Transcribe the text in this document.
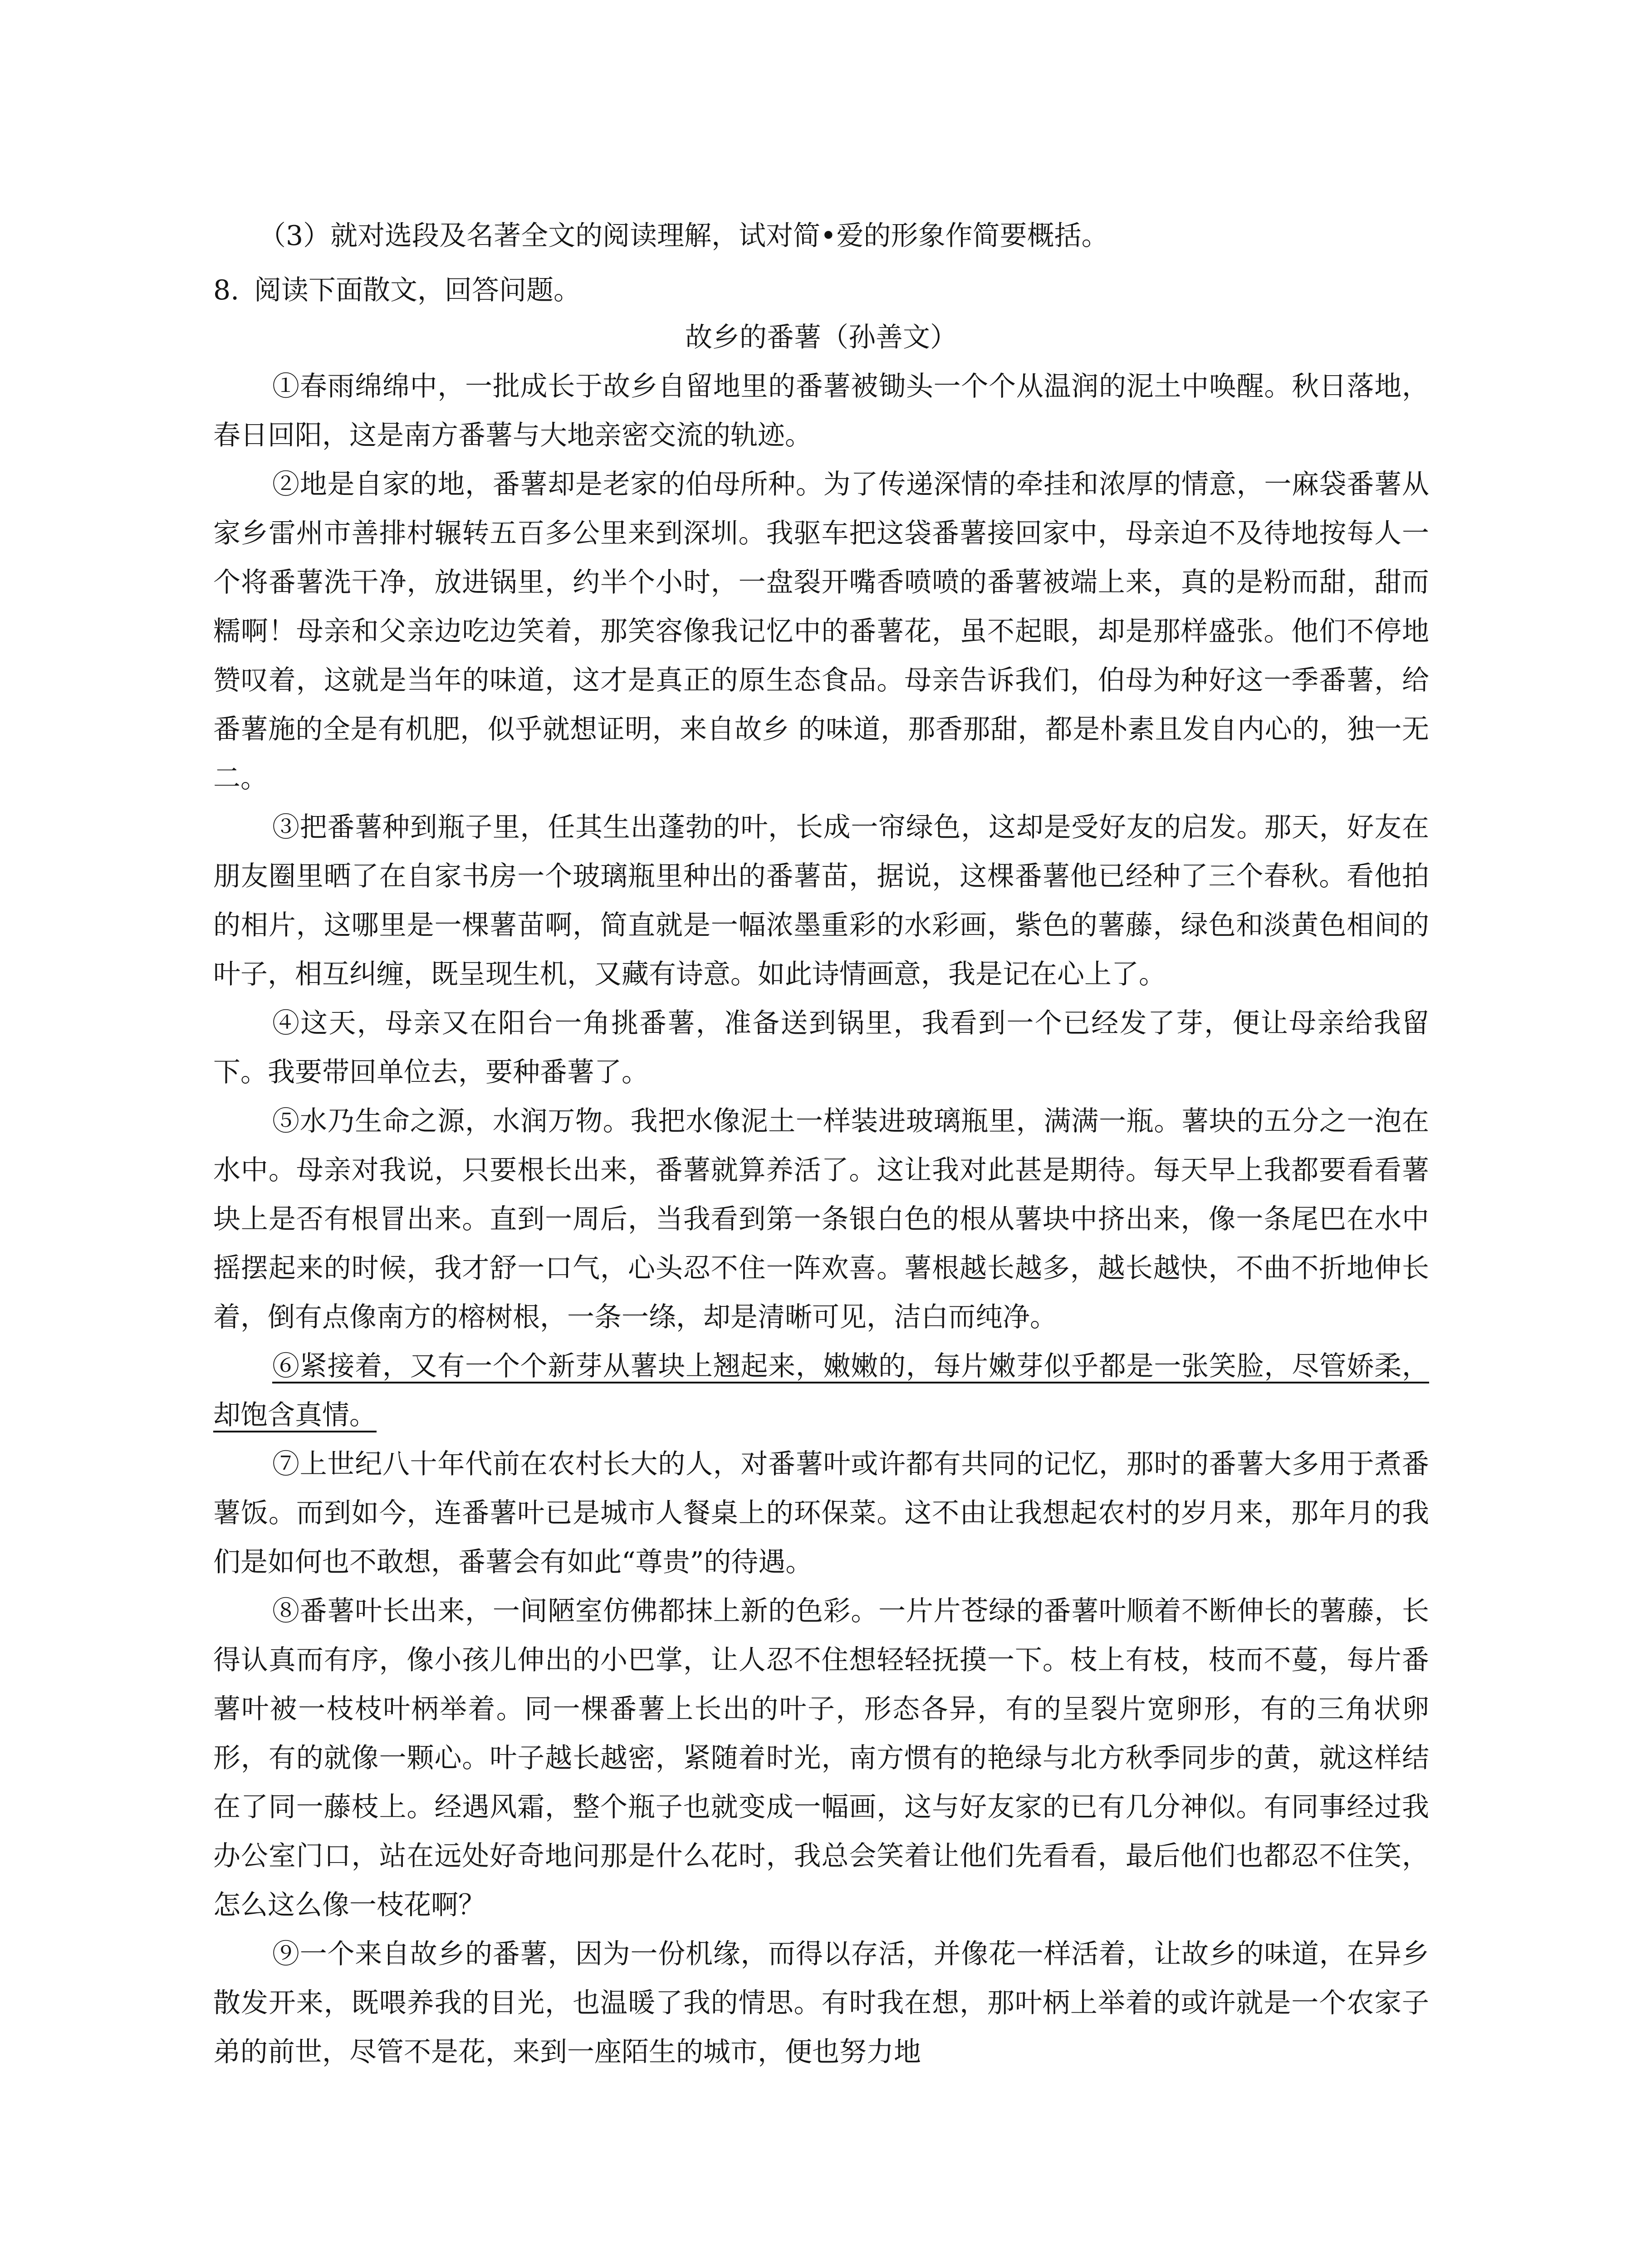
（3）就对选段及名著全文的阅读理解，试对简•爱的形象作简要概括。

8. 阅读下面散文，回答问题。

故乡的番薯（孙善文）

①春雨绵绵中，一批成长于故乡自留地里的番薯被锄头一个个从温润的泥土中唤醒。秋日落地，春日回阳，这是南方番薯与大地亲密交流的轨迹。

②地是自家的地，番薯却是老家的伯母所种。为了传递深情的牵挂和浓厚的情意，一麻袋番薯从家乡雷州市善排村辗转五百多公里来到深圳。我驱车把这袋番薯接回家中，母亲迫不及待地按每人一个将番薯洗干净，放进锅里，约半个小时，一盘裂开嘴香喷喷的番薯被端上来，真的是粉而甜，甜而糯啊！母亲和父亲边吃边笑着，那笑容像我记忆中的番薯花，虽不起眼，却是那样盛张。他们不停地赞叹着，这就是当年的味道，这才是真正的原生态食品。母亲告诉我们，伯母为种好这一季番薯，给番薯施的全是有机肥，似乎就想证明，来自故乡 的味道，那香那甜，都是朴素且发自内心的，独一无二。

③把番薯种到瓶子里，任其生出蓬勃的叶，长成一帘绿色，这却是受好友的启发。那天，好友在朋友圈里晒了在自家书房一个玻璃瓶里种出的番薯苗，据说，这棵番薯他已经种了三个春秋。看他拍的相片，这哪里是一棵薯苗啊，简直就是一幅浓墨重彩的水彩画，紫色的薯藤，绿色和淡黄色相间的叶子，相互纠缠，既呈现生机，又藏有诗意。如此诗情画意，我是记在心上了。

④这天，母亲又在阳台一角挑番薯，准备送到锅里，我看到一个已经发了芽，便让母亲给我留下。我要带回单位去，要种番薯了。

⑤水乃生命之源，水润万物。我把水像泥土一样装进玻璃瓶里，满满一瓶。薯块的五分之一泡在水中。母亲对我说，只要根长出来，番薯就算养活了。这让我对此甚是期待。每天早上我都要看看薯块上是否有根冒出来。直到一周后，当我看到第一条银白色的根从薯块中挤出来，像一条尾巴在水中摇摆起来的时候，我才舒一口气，心头忍不住一阵欢喜。薯根越长越多，越长越快，不曲不折地伸长着，倒有点像南方的榕树根，一条一绦，却是清晰可见，洁白而纯净。

⑥紧接着，又有一个个新芽从薯块上翘起来，嫩嫩的，每片嫩芽似乎都是一张笑脸，尽管娇柔，却饱含真情。

⑦上世纪八十年代前在农村长大的人，对番薯叶或许都有共同的记忆，那时的番薯大多用于煮番薯饭。而到如今，连番薯叶已是城市人餐桌上的环保菜。这不由让我想起农村的岁月来，那年月的我们是如何也不敢想，番薯会有如此“尊贵”的待遇。

⑧番薯叶长出来，一间陋室仿佛都抹上新的色彩。一片片苍绿的番薯叶顺着不断伸长的薯藤，长得认真而有序，像小孩儿伸出的小巴掌，让人忍不住想轻轻抚摸一下。枝上有枝，枝而不蔓，每片番薯叶被一枝枝叶柄举着。同一棵番薯上长出的叶子，形态各异，有的呈裂片宽卵形，有的三角状卵形，有的就像一颗心。叶子越长越密，紧随着时光，南方惯有的艳绿与北方秋季同步的黄，就这样结在了同一藤枝上。经遇风霜，整个瓶子也就变成一幅画，这与好友家的已有几分神似。有同事经过我办公室门口，站在远处好奇地问那是什么花时，我总会笑着让他们先看看，最后他们也都忍不住笑，怎么这么像一枝花啊？

⑨一个来自故乡的番薯，因为一份机缘，而得以存活，并像花一样活着，让故乡的味道，在异乡散发开来，既喂养我的目光，也温暖了我的情思。有时我在想，那叶柄上举着的或许就是一个农家子弟的前世，尽管不是花，来到一座陌生的城市，便也努力地
